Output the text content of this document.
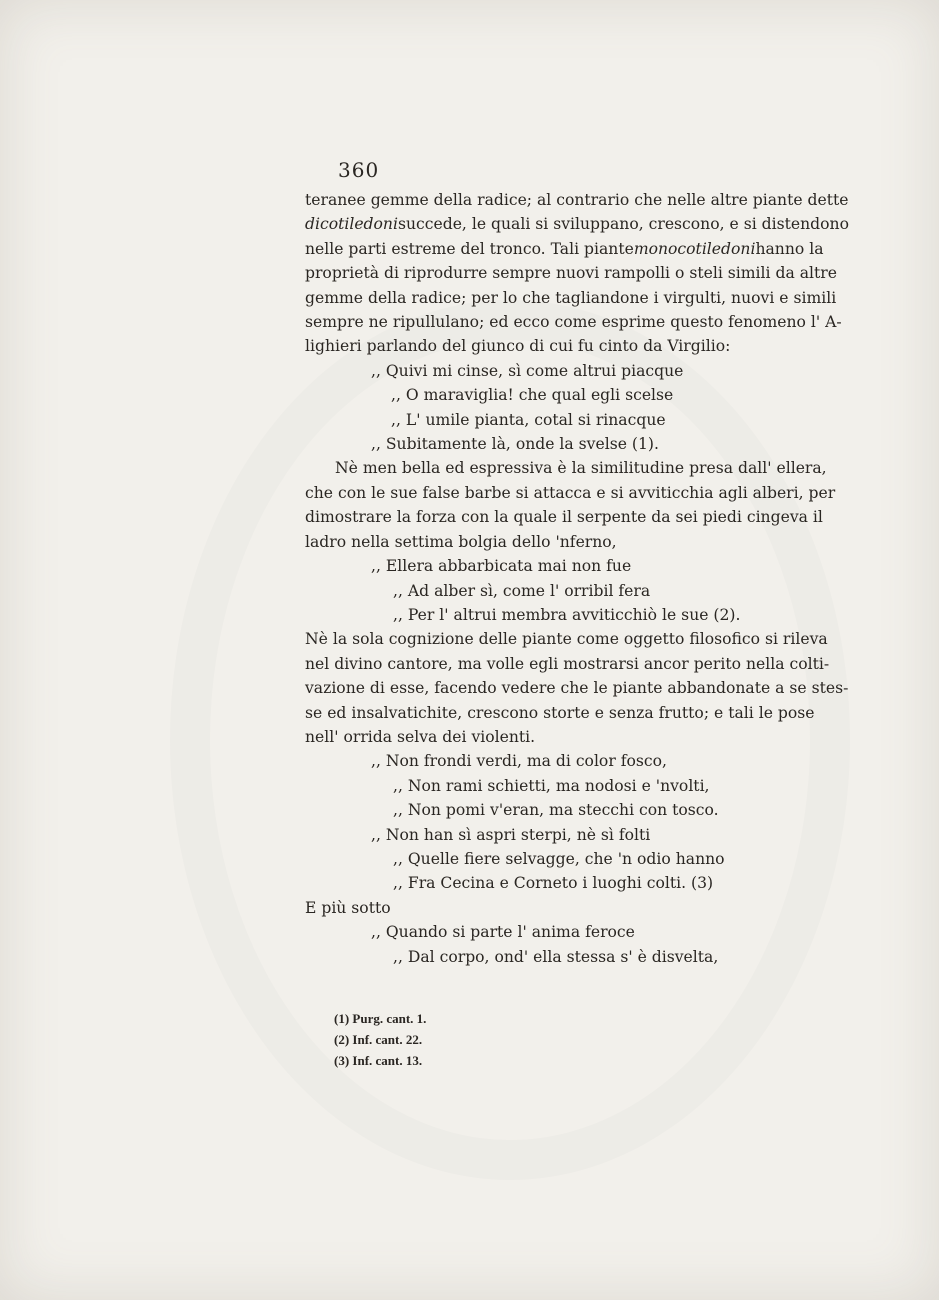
360
teranee gemme della radice; al contrario che nelle altre piante dette
dicotiledonisuccede, le quali si sviluppano, crescono, e si distendono
nelle parti estreme del tronco. Tali piantemonocotiledonihanno la
proprietà di riprodurre sempre nuovi rampolli o steli simili da altre
gemme della radice; per lo che tagliandone i virgulti, nuovi e simili
sempre ne ripullulano; ed ecco come esprime questo fenomeno l' A-
lighieri parlando del giunco di cui fu cinto da Virgilio:
,, Quivi mi cinse, sì come altrui piacque
,, O maraviglia! che qual egli scelse
,, L' umile pianta, cotal si rinacque
,, Subitamente là, onde la svelse (1).
Nè men bella ed espressiva è la similitudine presa dall' ellera,
che con le sue false barbe si attacca e si avviticchia agli alberi, per
dimostrare la forza con la quale il serpente da sei piedi cingeva il
ladro nella settima bolgia dello 'nferno,
,, Ellera abbarbicata mai non fue
,, Ad alber sì, come l' orribil fera
,, Per l' altrui membra avviticchiò le sue (2).
Nè la sola cognizione delle piante come oggetto filosofico si rileva
nel divino cantore, ma volle egli mostrarsi ancor perito nella colti-
vazione di esse, facendo vedere che le piante abbandonate a se stes-
se ed insalvatichite, crescono storte e senza frutto; e tali le pose
nell' orrida selva dei violenti.
,, Non frondi verdi, ma di color fosco,
,, Non rami schietti, ma nodosi e 'nvolti,
,, Non pomi v'eran, ma stecchi con tosco.
,, Non han sì aspri sterpi, nè sì folti
,, Quelle fiere selvagge, che 'n odio hanno
,, Fra Cecina e Corneto i luoghi colti. (3)
E più sotto
,, Quando si parte l' anima feroce
,, Dal corpo, ond' ella stessa s' è disvelta,
(1) Purg. cant. 1.
(2) Inf. cant. 22.
(3) Inf. cant. 13.
